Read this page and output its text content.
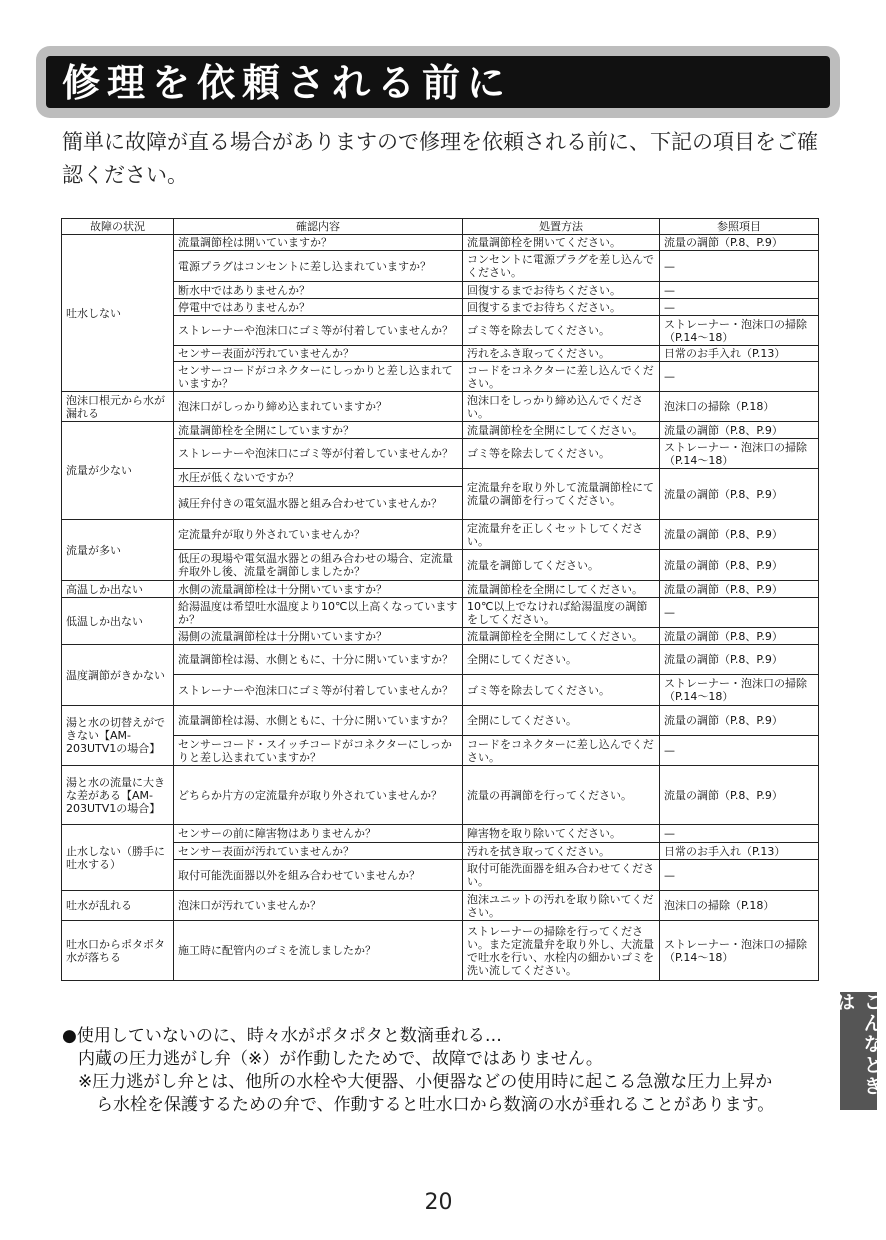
修理を依頼される前に
簡単に故障が直る場合がありますので修理を依頼される前に、下記の項目をご確認ください。
故障の状況	確認内容	処置方法	参照項目
吐水しない	流量調節栓は開いていますか？	流量調節栓を開いてください。	流量の調節（P.8、P.9）
	電源プラグはコンセントに差し込まれていますか？	コンセントに電源プラグを差し込んでください。	—
	断水中ではありませんか？	回復するまでお待ちください。	—
	停電中ではありませんか？	回復するまでお待ちください。	—
	ストレーナーや泡沫口にゴミ等が付着していませんか？	ゴミ等を除去してください。	ストレーナー・泡沫口の掃除（P.14〜18）
	センサー表面が汚れていませんか？	汚れをふき取ってください。	日常のお手入れ（P.13）
	センサーコードがコネクターにしっかりと差し込まれていますか？	コードをコネクターに差し込んでください。	—
泡沫口根元から水が漏れる	泡沫口がしっかり締め込まれていますか？	泡沫口をしっかり締め込んでください。	泡沫口の掃除（P.18）
流量が少ない	流量調節栓を全開にしていますか？	流量調節栓を全開にしてください。	流量の調節（P.8、P.9）
	ストレーナーや泡沫口にゴミ等が付着していませんか？	ゴミ等を除去してください。	ストレーナー・泡沫口の掃除（P.14〜18）
	水圧が低くないですか？	定流量弁を取り外して流量調節栓にて流量の調節を行ってください。	流量の調節（P.8、P.9）
	減圧弁付きの電気温水器と組み合わせていませんか？		
流量が多い	定流量弁が取り外されていませんか？	定流量弁を正しくセットしてください。	流量の調節（P.8、P.9）
	低圧の現場や電気温水器との組み合わせの場合、定流量弁取外し後、流量を調節しましたか？	流量を調節してください。	流量の調節（P.8、P.9）
高温しか出ない	水側の流量調節栓は十分開いていますか？	流量調節栓を全開にしてください。	流量の調節（P.8、P.9）
低温しか出ない	給湯温度は希望吐水温度より10℃以上高くなっていますか？	10℃以上でなければ給湯温度の調節をしてください。	—
	湯側の流量調節栓は十分開いていますか？	流量調節栓を全開にしてください。	流量の調節（P.8、P.9）
温度調節がきかない	流量調節栓は湯、水側ともに、十分に開いていますか？	全開にしてください。	流量の調節（P.8、P.9）
	ストレーナーや泡沫口にゴミ等が付着していませんか？	ゴミ等を除去してください。	ストレーナー・泡沫口の掃除（P.14〜18）
湯と水の切替えができない【AM-203UTV1の場合】	流量調節栓は湯、水側ともに、十分に開いていますか？	全開にしてください。	流量の調節（P.8、P.9）
	センサーコード・スイッチコードがコネクターにしっかりと差し込まれていますか？	コードをコネクターに差し込んでください。	—
湯と水の流量に大きな差がある【AM-203UTV1の場合】	どちらか片方の定流量弁が取り外されていませんか？	流量の再調節を行ってください。	流量の調節（P.8、P.9）
止水しない（勝手に吐水する）	センサーの前に障害物はありませんか？	障害物を取り除いてください。	—
	センサー表面が汚れていませんか？	汚れを拭き取ってください。	日常のお手入れ（P.13）
	取付可能洗面器以外を組み合わせていませんか？	取付可能洗面器を組み合わせてください。	—
吐水が乱れる	泡沫口が汚れていませんか？	泡沫ユニットの汚れを取り除いてください。	泡沫口の掃除（P.18）
吐水口からポタポタ水が落ちる	施工時に配管内のゴミを流しましたか？	ストレーナーの掃除を行ってください。また定流量弁を取り外し、大流量で吐水を行い、水栓内の細かいゴミを洗い流してください。	ストレーナー・泡沫口の掃除（P.14〜18）

●使用していないのに、時々水がポタポタと数滴垂れる…

内蔵の圧力逃がし弁（※）が作動したためで、故障ではありません。

※圧力逃がし弁とは、他所の水栓や大便器、小便器などの使用時に起こる急激な圧力上昇か

ら水栓を保護するための弁で、作動すると吐水口から数滴の水が垂れることがあります。

こんなときは
20
